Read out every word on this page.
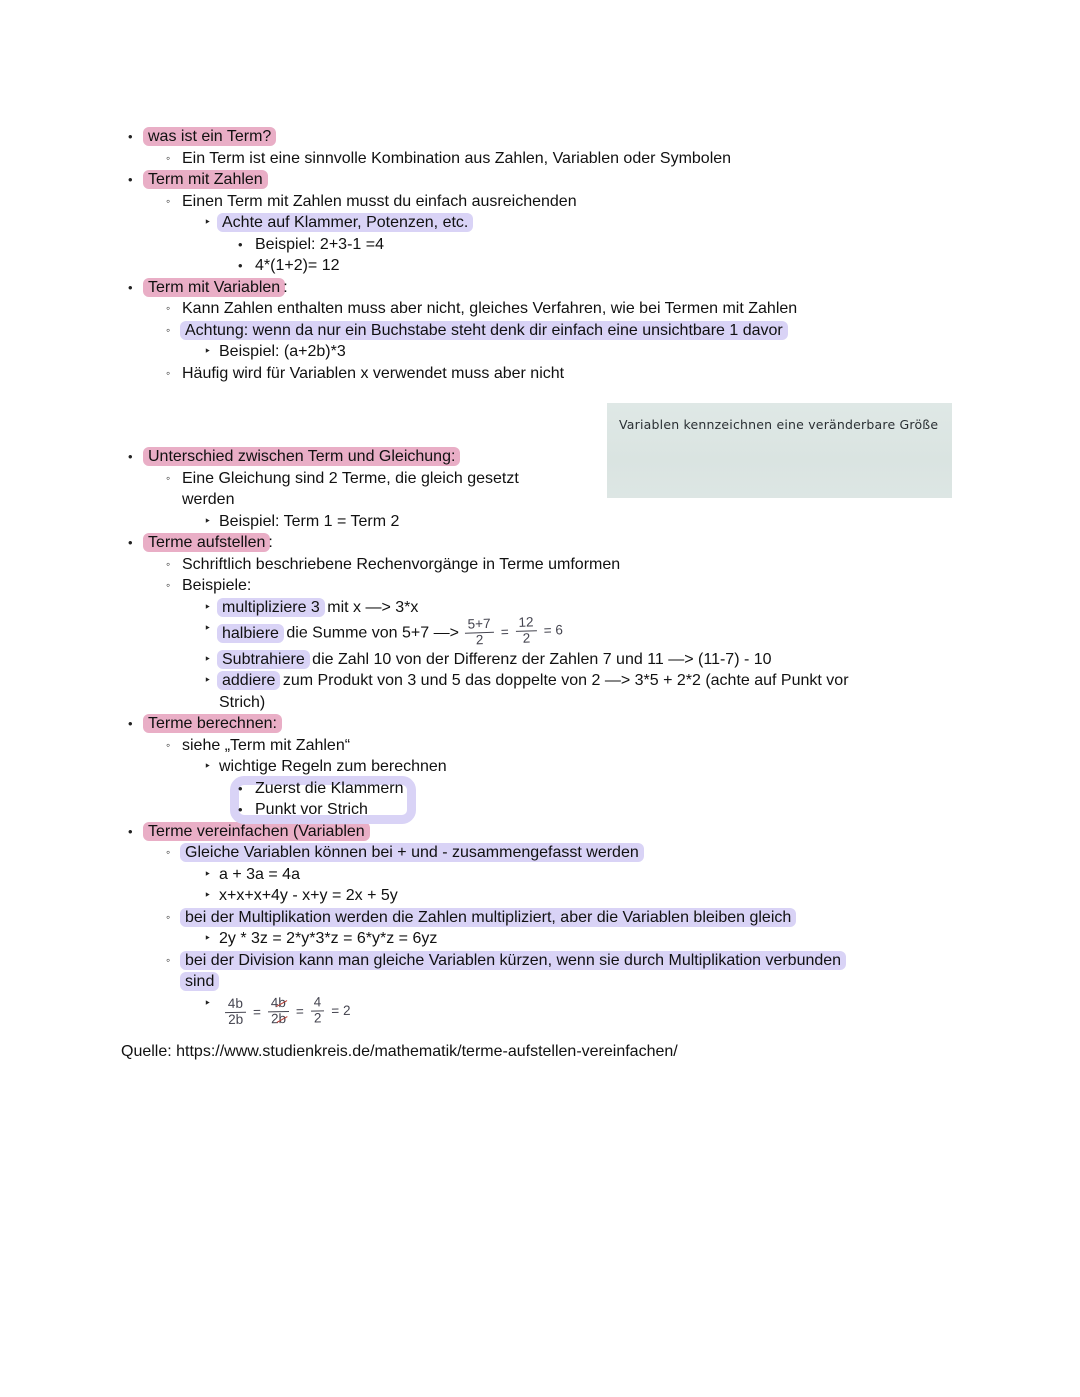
• was ist ein Term?
◦ Ein Term ist eine sinnvolle Kombination aus Zahlen, Variablen oder Symbolen
• Term mit Zahlen
◦ Einen Term mit Zahlen musst du einfach ausreichenden
‣ Achte auf Klammer, Potenzen, etc.
• Beispiel: 2+3-1 =4
• 4*(1+2)= 12
• Term mit Variablen :
◦ Kann Zahlen enthalten muss aber nicht, gleiches Verfahren, wie bei Termen mit Zahlen
◦ Achtung: wenn da nur ein Buchstabe steht denk dir einfach eine unsichtbare 1 davor
‣ Beispiel: (a+2b)*3
◦ Häufig wird für Variablen x verwendet muss aber nicht
• Unterschied zwischen Term und Gleichung:
◦ Eine Gleichung sind 2 Terme, die gleich gesetzt
werden
‣ Beispiel: Term 1 = Term 2
• Terme aufstellen :
◦ Schriftlich beschriebene Rechenvorgänge in Terme umformen
◦ Beispiele:
‣ multipliziere 3 mit x —> 3*x
‣ halbiere die Summe von 5+7 —> $\frac{5+7}{2} = \frac{12}{2} = 6$
‣ Subtrahiere die Zahl 10 von der Differenz der Zahlen 7 und 11 —> (11-7) - 10
‣ addiere zum Produkt von 3 und 5 das doppelte von 2 —> 3*5 + 2*2 (achte auf Punkt vor
Strich)
• Terme berechnen:
◦ siehe „Term mit Zahlen“
‣ wichtige Regeln zum berechnen
• Zuerst die Klammern
• Punkt vor Strich
• Terme vereinfachen (Variablen
◦ Gleiche Variablen können bei + und - zusammengefasst werden
‣ a + 3a = 4a
‣ x+x+x+4y - x+y = 2x + 5y
◦ bei der Multiplikation werden die Zahlen multipliziert, aber die Variablen bleiben gleich
‣ 2y * 3z = 2*y*3*z = 6*y*z = 6yz
◦ bei der Division kann man gleiche Variablen kürzen, wenn sie durch Multiplikation verbunden
sind
‣	$\frac{4b}{2b} = \frac{4b}{2b} = \frac{4}{2} = 2$
Variablen kennzeichnen eine veränderbare Größe
Quelle: https://www.studienkreis.de/mathematik/terme-aufstellen-vereinfachen/
